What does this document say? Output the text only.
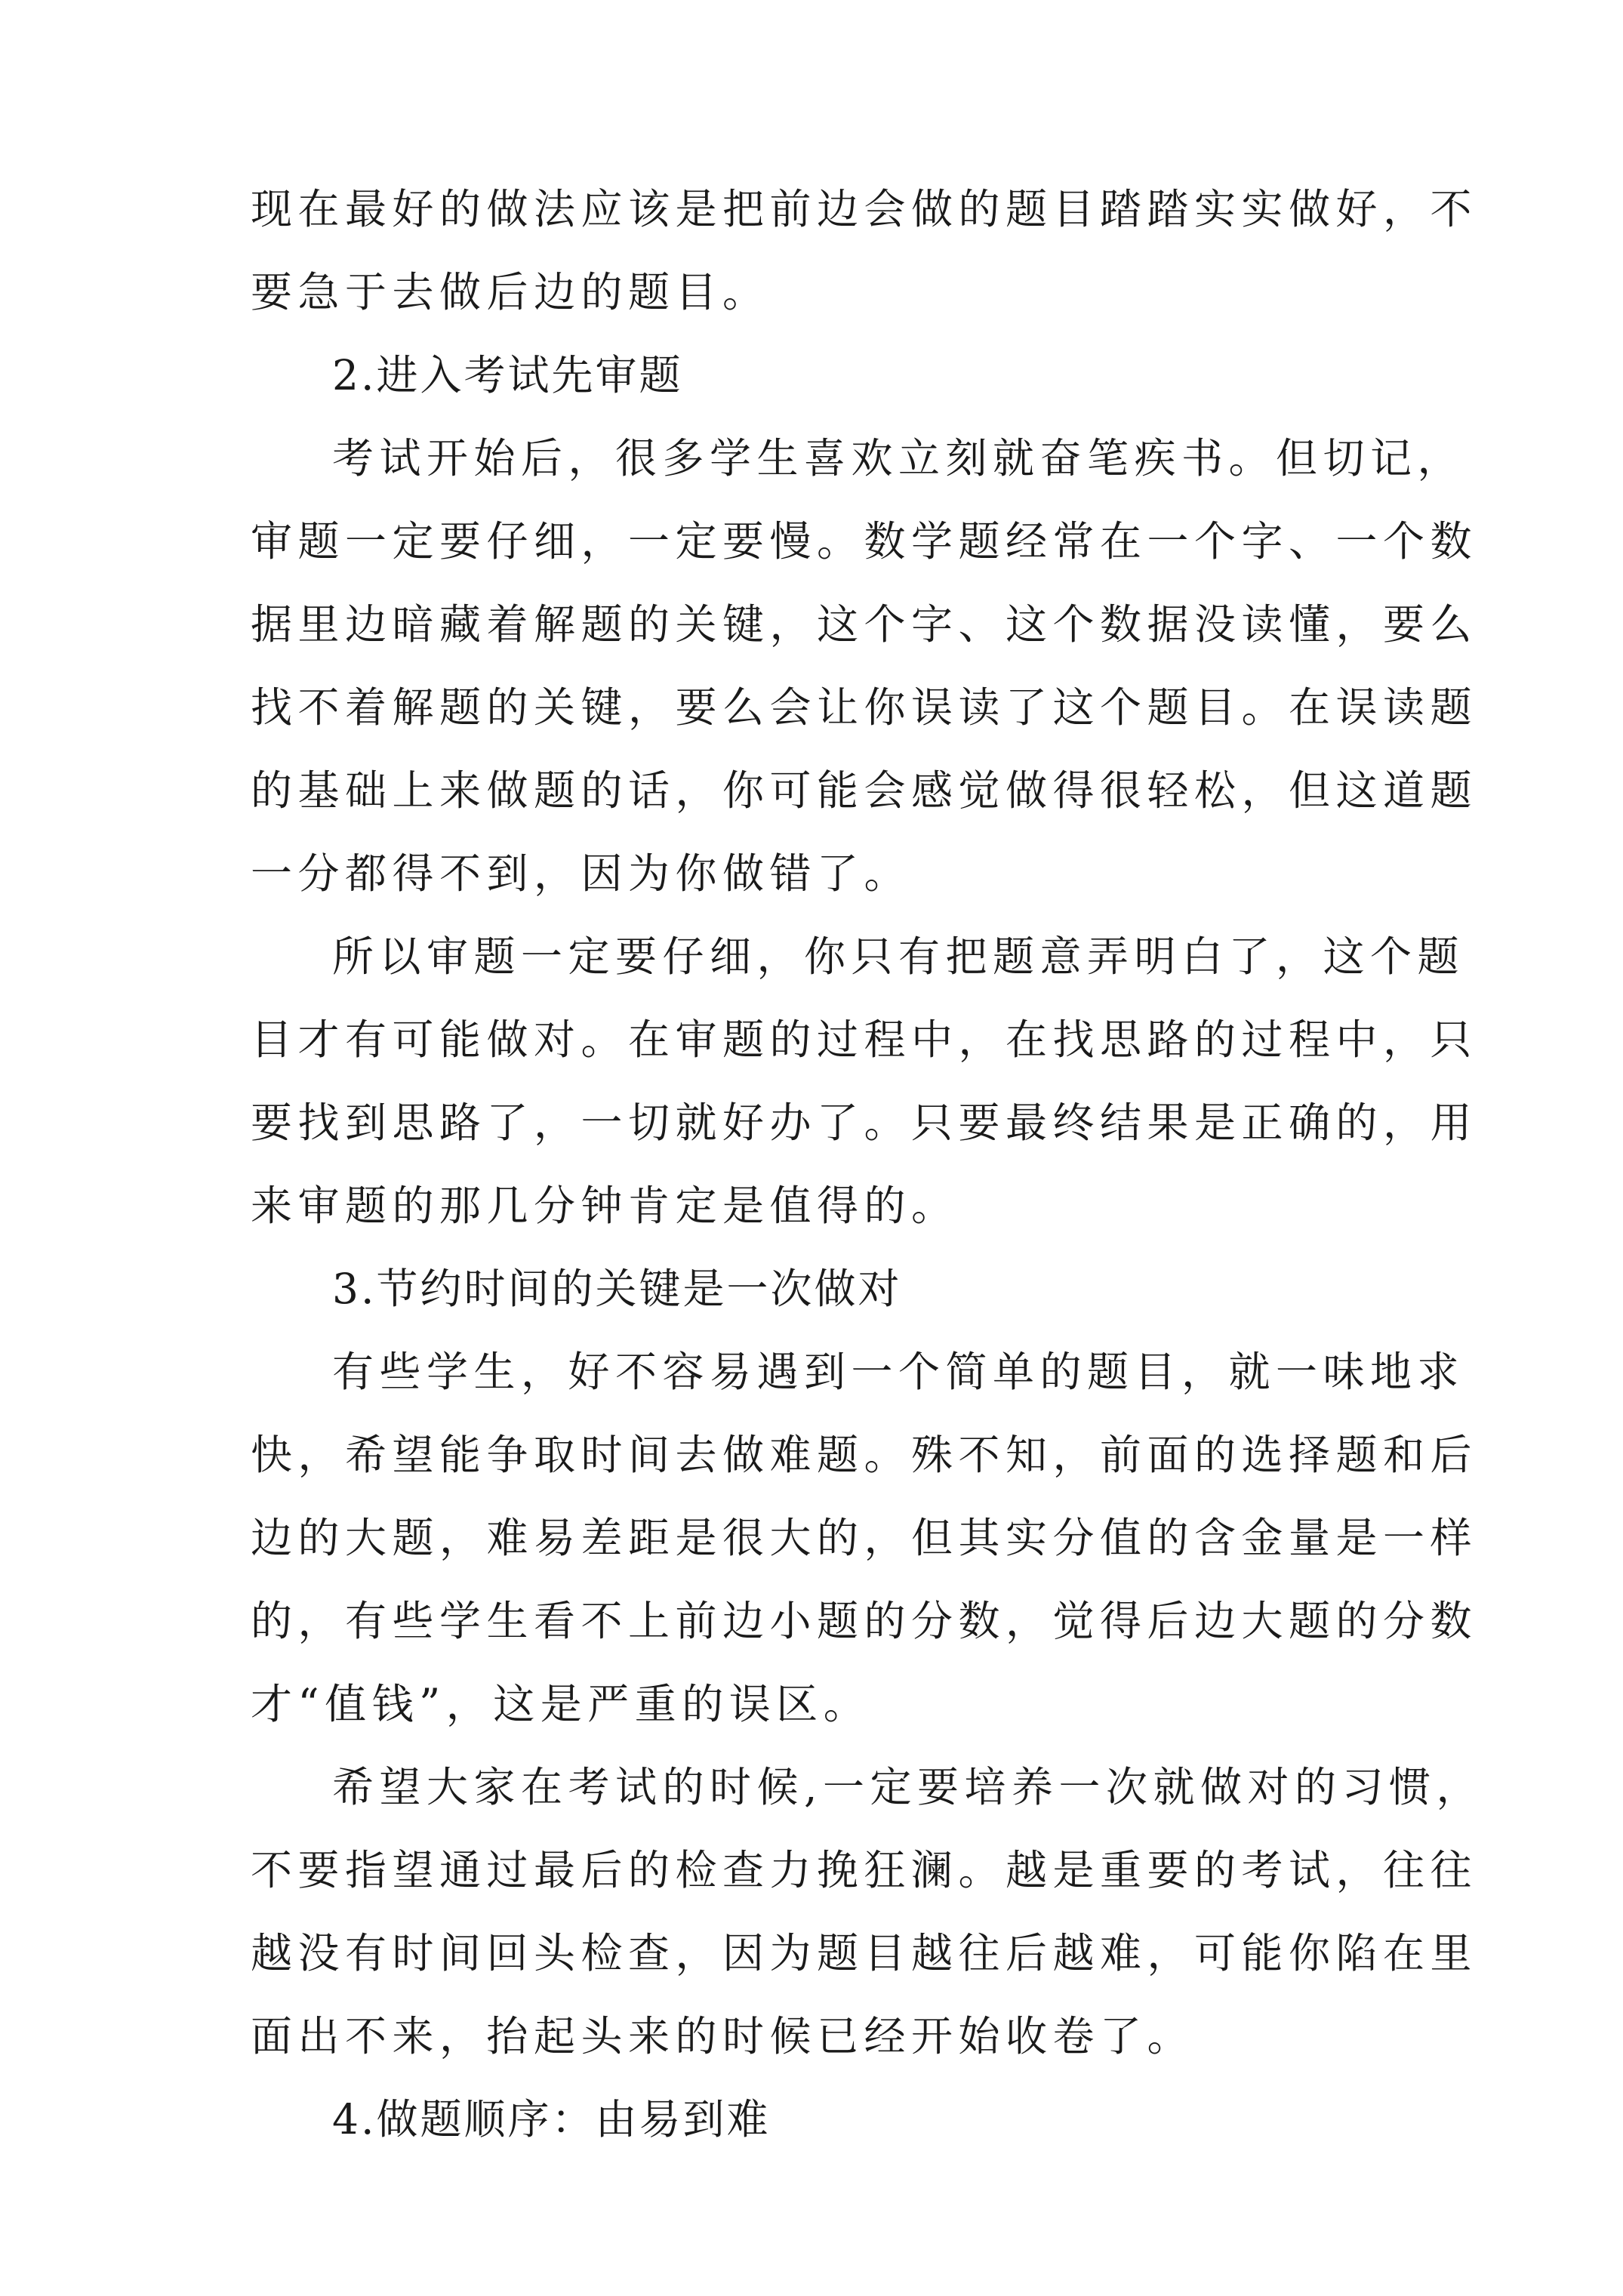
现在最好的做法应该是把前边会做的题目踏踏实实做好，不
要急于去做后边的题目。
2.进入考试先审题
考试开始后，很多学生喜欢立刻就奋笔疾书。但切记，
审题一定要仔细，一定要慢。数学题经常在一个字、一个数
据里边暗藏着解题的关键，这个字、这个数据没读懂，要么
找不着解题的关键，要么会让你误读了这个题目。在误读题
的基础上来做题的话，你可能会感觉做得很轻松，但这道题
一分都得不到，因为你做错了。
所以审题一定要仔细，你只有把题意弄明白了，这个题
目才有可能做对。在审题的过程中，在找思路的过程中，只
要找到思路了，一切就好办了。只要最终结果是正确的，用
来审题的那几分钟肯定是值得的。
3.节约时间的关键是一次做对
有些学生，好不容易遇到一个简单的题目，就一味地求
快，希望能争取时间去做难题。殊不知，前面的选择题和后
边的大题，难易差距是很大的，但其实分值的含金量是一样
的，有些学生看不上前边小题的分数，觉得后边大题的分数
才“值钱”，这是严重的误区。
希望大家在考试的时候,一定要培养一次就做对的习惯，
不要指望通过最后的检查力挽狂澜。越是重要的考试，往往
越没有时间回头检查，因为题目越往后越难，可能你陷在里
面出不来，抬起头来的时候已经开始收卷了。
4.做题顺序：由易到难
